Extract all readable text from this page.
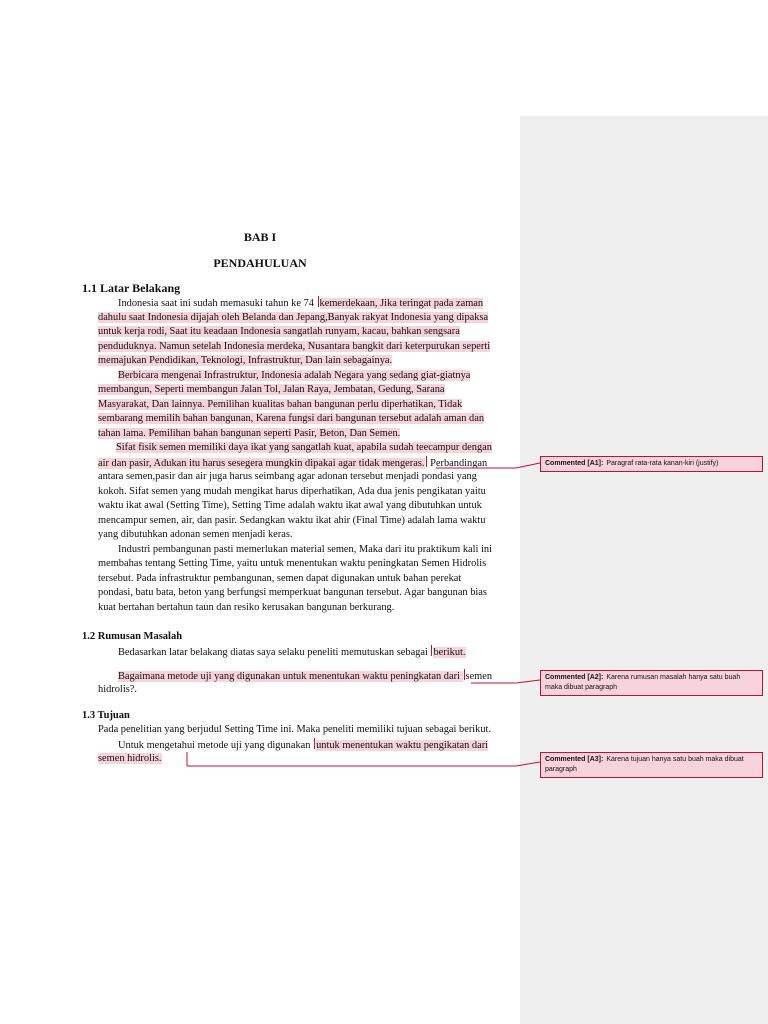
BAB I
PENDAHULUAN
1.1 Latar Belakang
Indonesia saat ini sudah memasuki tahun ke 74 kemerdekaan, Jika teringat pada zaman
dahulu saat Indonesia dijajah oleh Belanda dan Jepang,Banyak rakyat Indonesia yang dipaksa
untuk kerja rodi, Saat itu keadaan Indonesia sangatlah runyam, kacau, bahkan sengsara
penduduknya. Namun setelah Indonesia merdeka, Nusantara bangkit dari keterpurukan seperti
memajukan Pendidikan, Teknologi, Infrastruktur, Dan lain sebagainya.
Berbicara mengenai Infrastruktur, Indonesia adalah Negara yang sedang giat-giatnya
membangun, Seperti membangun Jalan Tol, Jalan Raya, Jembatan, Gedung, Sarana
Masyarakat, Dan lainnya. Pemilihan kualitas bahan bangunan perlu diperhatikan, Tidak
sembarang memilih bahan bangunan, Karena fungsi dari bangunan tersebut adalah aman dan
tahan lama. Pemilihan bahan bangunan seperti Pasir, Beton, Dan Semen.
Sifat fisik semen memiliki daya ikat yang sangatlah kuat, apabila sudah teecampur dengan
air dan pasir, Adukan itu harus sesegera mungkin dipakai agar tidak mengeras. Perbandingan
antara semen,pasir dan air juga harus seimbang agar adonan tersebut menjadi pondasi yang
kokoh. Sifat semen yang mudah mengikat harus diperhatikan, Ada dua jenis pengikatan yaitu
waktu ikat awal (Setting Time), Setting Time adalah waktu ikat awal yang dibutuhkan untuk
mencampur semen, air, dan pasir. Sedangkan waktu ikat ahir (Final Time) adalah lama waktu
yang dibutuhkan adonan semen menjadi keras.
Industri pembangunan pasti memerlukan material semen, Maka dari itu praktikum kali ini
membahas tentang Setting Time, yaitu untuk menentukan waktu peningkatan Semen Hidrolis
tersebut. Pada infrastruktur pembangunan, semen dapat digunakan untuk bahan perekat
pondasi, batu bata, beton yang berfungsi memperkuat bangunan tersebut. Agar bangunan bias
kuat bertahan bertahun taun dan resiko kerusakan bangunan berkurang.
1.2 Rumusan Masalah
Bedasarkan latar belakang diatas saya selaku peneliti memutuskan sebagai berikut.
Bagaimana metode uji yang digunakan untuk menentukan waktu peningkatan dari semen
hidrolis?.
1.3 Tujuan
Pada penelitian yang berjudul Setting Time ini. Maka peneliti memiliki tujuan sebagai berikut.
Untuk mengetahui metode uji yang digunakan untuk menentukan waktu pengikatan dari
semen hidrolis.
Commented [A1]: Paragraf rata-rata kanan-kiri (justify)
Commented [A2]: Karena rumusan masalah hanya satu buah maka dibuat paragraph
Commented [A3]: Karena tujuan hanya satu buah maka dibuat paragraph
